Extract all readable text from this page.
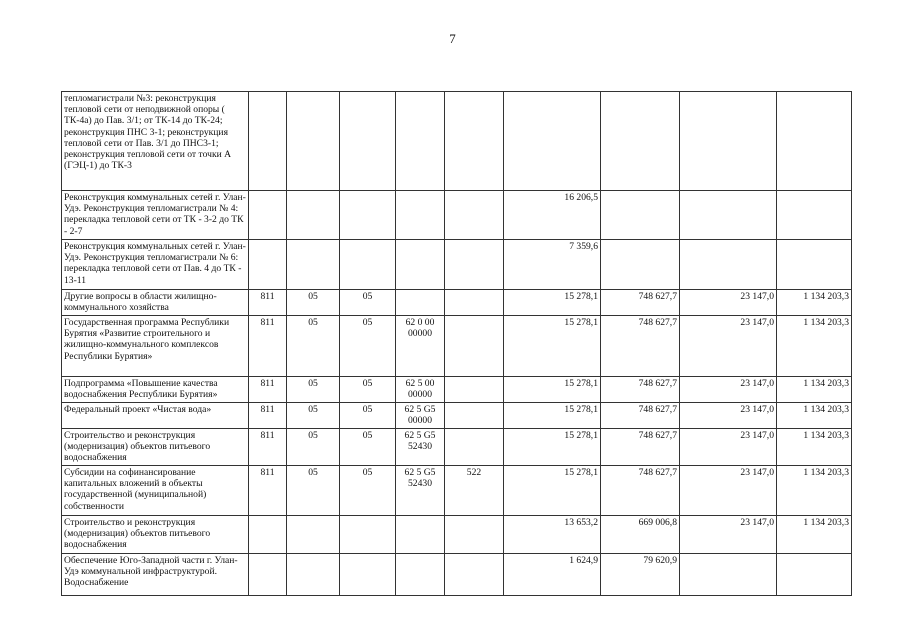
7
тепломагистрали №3: реконструкция тепловой сети от неподвижной опоры ( ТК-4а) до Пав. 3/1; от ТК-14 до ТК-24; реконструкция ПНС 3-1; реконструкция тепловой сети от Пав. 3/1 до ПНС3-1; реконструкция тепловой сети от точки А (ГЭЦ-1) до ТК-3				

Реконструкция коммунальных сетей г. Улан-Удэ. Реконструкция тепломагистрали № 4: перекладка тепловой сети от ТК - 3-2 до ТК - 2-7						16 206,5			
Реконструкция коммунальных сетей г. Улан-Удэ. Реконструкция тепломагистрали № 6: перекладка тепловой сети от Пав. 4 до ТК - 13-11						7 359,6			
Другие вопросы в области жилищно-коммунального хозяйства	811	05	05			15 278,1	748 627,7	23 147,0	1 134 203,3
Государственная программа Республики Бурятия «Развитие строительного и жилищно-коммунального комплексов Республики Бурятия»	811	05	05	62 0 00
00000		15 278,1	748 627,7	23 147,0	1 134 203,3
Подпрограмма «Повышение качества водоснабжения Республики Бурятия»	811	05	05	62 5 00
00000		15 278,1	748 627,7	23 147,0	1 134 203,3
Федеральный проект «Чистая вода»	811	05	05	62 5 G5
00000		15 278,1	748 627,7	23 147,0	1 134 203,3
Строительство и реконструкция (модернизация) объектов питьевого водоснабжения	811	05	05	62 5 G5
52430		15 278,1	748 627,7	23 147,0	1 134 203,3
Субсидии на софинансирование капитальных вложений в объекты государственной (муниципальной) собственности	811	05	05	62 5 G5
52430	522	15 278,1	748 627,7	23 147,0	1 134 203,3
Строительство и реконструкция (модернизация) объектов питьевого водоснабжения						13 653,2	669 006,8	23 147,0	1 134 203,3
Обеспечение Юго-Западной части г. Улан-Удэ коммунальной инфраструктурой. Водоснабжение						1 624,9	79 620,9		
